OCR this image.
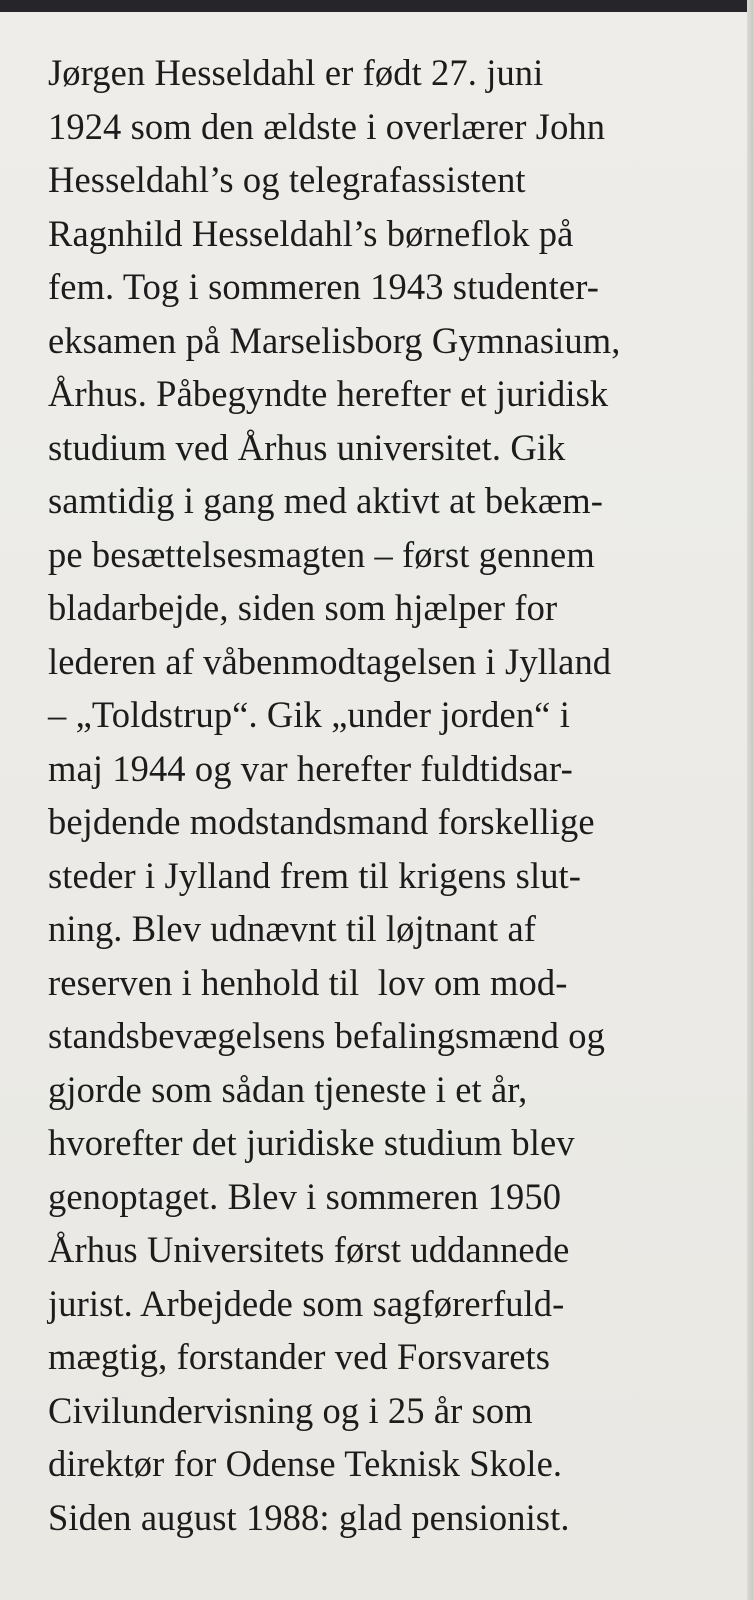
Jørgen Hesseldahl er født 27. juni
1924 som den ældste i overlærer John
Hesseldahl’s og telegrafassistent
Ragnhild Hesseldahl’s børneflok på
fem. Tog i sommeren 1943 studenter-
eksamen på Marselisborg Gymnasium,
Århus. Påbegyndte herefter et juridisk
studium ved Århus universitet. Gik
samtidig i gang med aktivt at bekæm-
pe besættelsesmagten – først gennem
bladarbejde, siden som hjælper for
lederen af våbenmodtagelsen i Jylland
– „Toldstrup“. Gik „under jorden“ i
maj 1944 og var herefter fuldtidsar-
bejdende modstandsmand forskellige
steder i Jylland frem til krigens slut-
ning. Blev udnævnt til løjtnant af
reserven i henhold til  lov om mod-
standsbevægelsens befalingsmænd og
gjorde som sådan tjeneste i et år,
hvorefter det juridiske studium blev
genoptaget. Blev i sommeren 1950
Århus Universitets først uddannede
jurist. Arbejdede som sagførerfuld-
mægtig, forstander ved Forsvarets
Civilundervisning og i 25 år som
direktør for Odense Teknisk Skole.
Siden august 1988: glad pensionist.
